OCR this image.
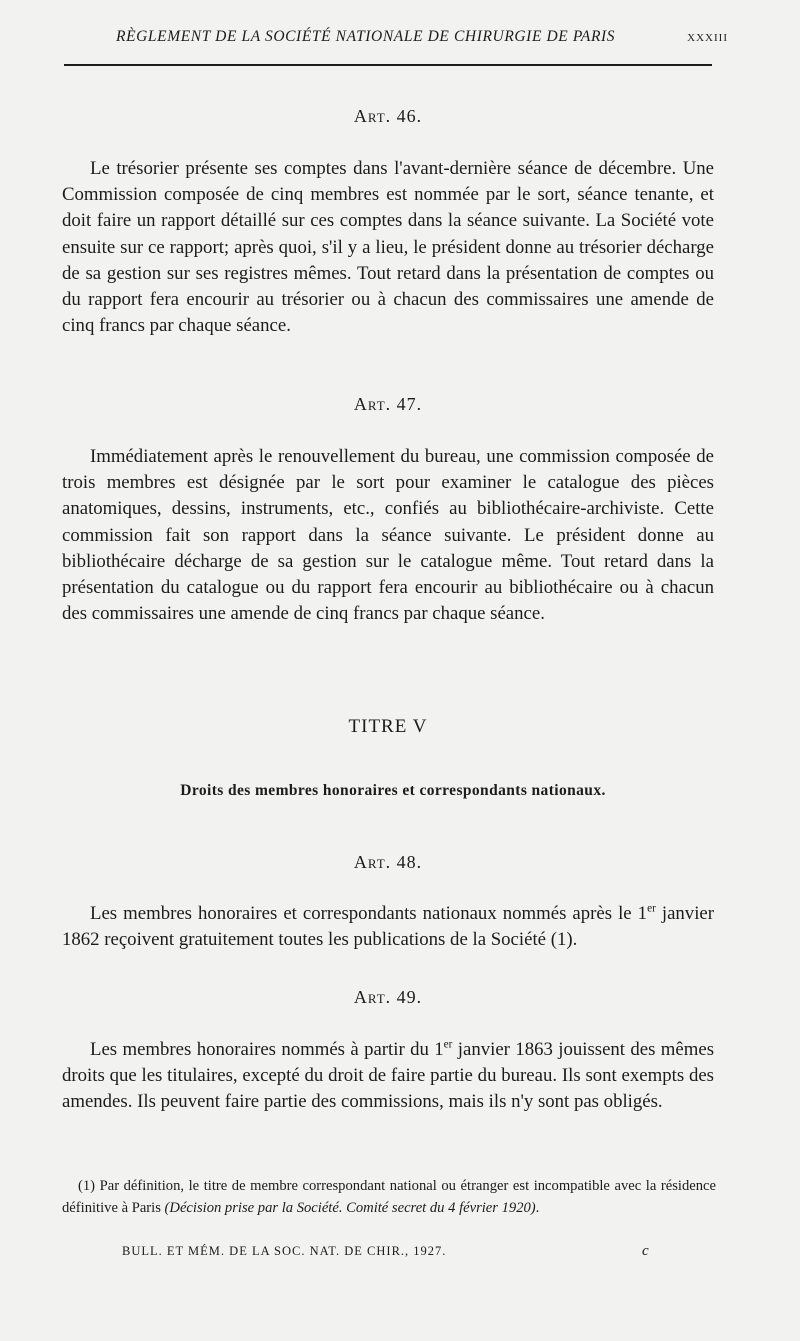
RÈGLEMENT DE LA SOCIÉTÉ NATIONALE DE CHIRURGIE DE PARIS	xxxiii
Art. 46.

Le trésorier présente ses comptes dans l'avant-dernière séance de décembre. Une Commission composée de cinq membres est nommée par le sort, séance tenante, et doit faire un rapport détaillé sur ces comptes dans la séance suivante. La Société vote ensuite sur ce rapport; après quoi, s'il y a lieu, le président donne au trésorier décharge de sa gestion sur ses registres mêmes. Tout retard dans la présentation de comptes ou du rapport fera encourir au trésorier ou à chacun des commissaires une amende de cinq francs par chaque séance.

Art. 47.

Immédiatement après le renouvellement du bureau, une commission composée de trois membres est désignée par le sort pour examiner le catalogue des pièces anatomiques, dessins, instruments, etc., confiés au bibliothécaire-archiviste. Cette commission fait son rapport dans la séance suivante. Le président donne au bibliothécaire décharge de sa gestion sur le catalogue même. Tout retard dans la présentation du catalogue ou du rapport fera encourir au bibliothécaire ou à chacun des commissaires une amende de cinq francs par chaque séance.

TITRE V
Droits des membres honoraires et correspondants nationaux.
Art. 48.

Les membres honoraires et correspondants nationaux nommés après le 1er janvier 1862 reçoivent gratuitement toutes les publications de la Société (1).

Art. 49.

Les membres honoraires nommés à partir du 1er janvier 1863 jouissent des mêmes droits que les titulaires, excepté du droit de faire partie du bureau. Ils sont exempts des amendes. Ils peuvent faire partie des commissions, mais ils n'y sont pas obligés.

(1) Par définition, le titre de membre correspondant national ou étranger est incompatible avec la résidence définitive à Paris (Décision prise par la Société. Comité secret du 4 février 1920).

BULL. ET MÉM. DE LA SOC. NAT. DE CHIR., 1927.	c
